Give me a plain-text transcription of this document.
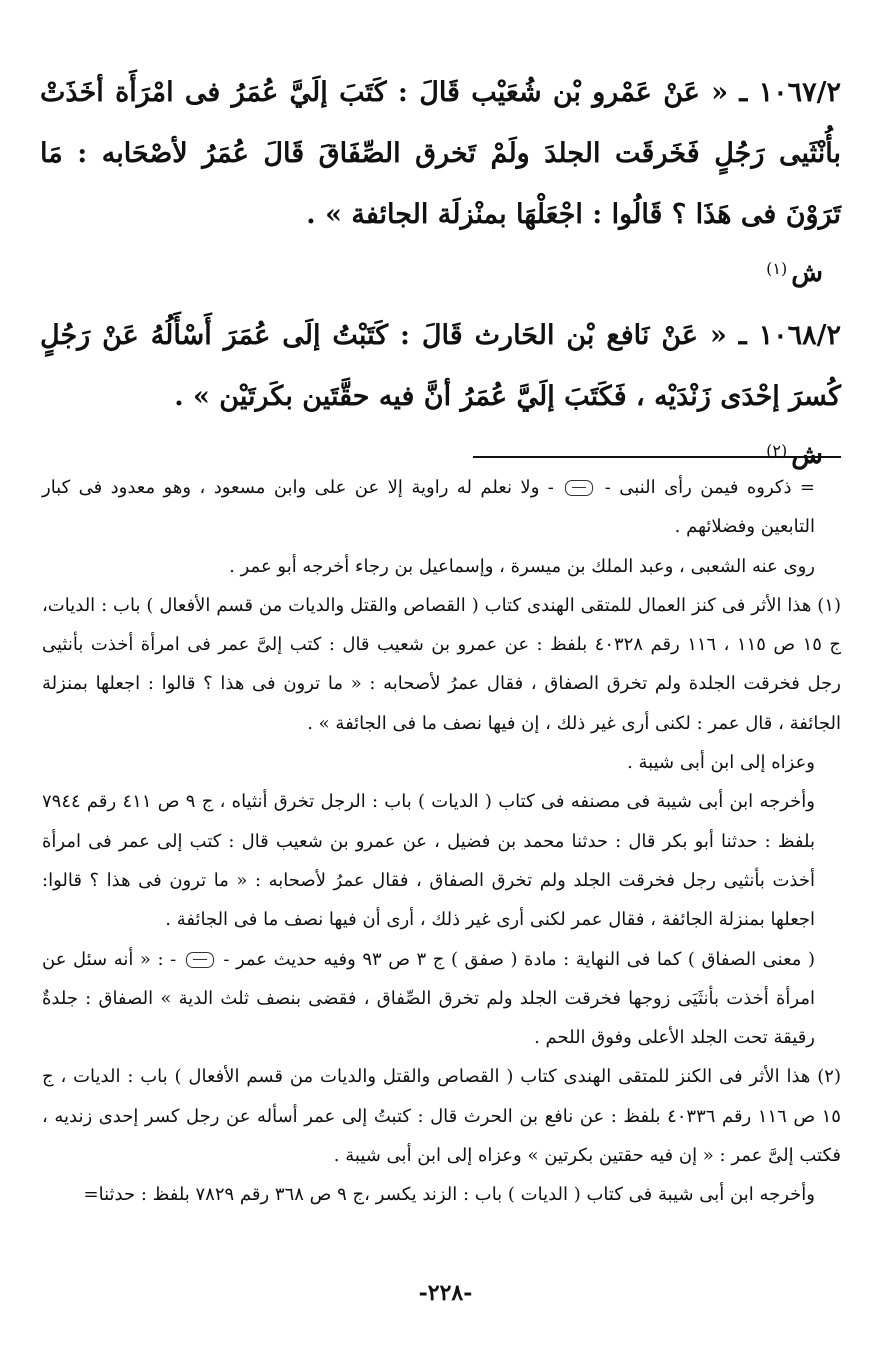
١٠٦٧/٢ ـ « عَنْ عَمْرو بْن شُعَيْب قَالَ : كَتَبَ إلَيَّ عُمَرُ فى امْرَأَة أخَذَتْ بأُنْثَيى رَجُلٍ فَخَرقَت الجلدَ ولَمْ تَخرق الصِّفَاقَ قَالَ عُمَرُ لأصْحَابه : مَا تَرَوْنَ فى هَذَا ؟ قَالُوا : اجْعَلْهَا بمنْزلَة الجائفة » .

ش$^{(١)}$

١٠٦٨/٢ ـ « عَنْ نَافع بْن الحَارث قَالَ : كَتَبْتُ إلَى عُمَرَ أَسْأَلُهُ عَنْ رَجُلٍ كُسرَ إحْدَى زَنْدَيْه ، فَكَتَبَ إلَيَّ عُمَرُ أنَّ فيه حقَّتَين بكَرتَيْن » .

ش$^{(٢)}$

= ذكروه فيمن رأى النبى -  - ولا نعلم له راوية إلا عن على وابن مسعود ، وهو معدود فى كبار التابعين وفضلائهم .

روى عنه الشعبى ، وعبد الملك بن ميسرة ، وإسماعيل بن رجاء أخرجه أبو عمر .

(١) هذا الأثر فى كنز العمال للمتقى الهندى كتاب ( القصاص والقتل والديات من قسم الأفعال ) باب : الديات، ج ١٥ ص ١١٥ ، ١١٦ رقم ٤٠٣٢٨ بلفظ : عن عمرو بن شعيب قال : كتب إلىَّ عمر فى امرأة أخذت بأنثيى رجل فخرقت الجلدة ولم تخرق الصفاق ، فقال عمرُ لأصحابه : « ما ترون فى هذا ؟ قالوا : اجعلها بمنزلة الجائفة ، قال عمر : لكنى أرى غير ذلك ، إن فيها نصف ما فى الجائفة » .

وعزاه إلى ابن أبى شيبة .

وأخرجه ابن أبى شيبة فى مصنفه فى كتاب ( الديات ) باب : الرجل تخرق أنثياه ، ج ٩ ص ٤١١ رقم ٧٩٤٤ بلفظ : حدثنا أبو بكر قال : حدثنا محمد بن فضيل ، عن عمرو بن شعيب قال : كتب إلى عمر فى امرأة أخذت بأنثيى رجل فخرقت الجلد ولم تخرق الصفاق ، فقال عمرُ لأصحابه : « ما ترون فى هذا ؟ قالوا: اجعلها بمنزلة الجائفة ، فقال عمر لكنى أرى غير ذلك ، أرى أن فيها نصف ما فى الجائفة .

( معنى الصفاق ) كما فى النهاية : مادة ( صفق ) ج ٣ ص ٩٣ وفيه حديث عمر -  - : « أنه سئل عن امرأة أخذت بأنثَيَى زوجها فخرقت الجلد ولم تخرق الصِّفاق ، فقضى بنصف ثلث الدية » الصفاق : جلدةٌ رقيقة تحت الجلد الأعلى وفوق اللحم .

(٢) هذا الأثر فى الكنز للمتقى الهندى كتاب ( القصاص والقتل والديات من قسم الأفعال ) باب : الديات ، ج ١٥ ص ١١٦ رقم ٤٠٣٣٦ بلفظ : عن نافع بن الحرث قال : كتبتُ إلى عمر أسأله عن رجل كسر إحدى زنديه ، فكتب إلىَّ عمر : « إن فيه حقتين بكرتين » وعزاه إلى ابن أبى شيبة .

وأخرجه ابن أبى شيبة فى كتاب ( الديات ) باب : الزند يكسر ،ج ٩ ص ٣٦٨ رقم ٧٨٢٩ بلفظ : حدثنا=

-٢٢٨-
